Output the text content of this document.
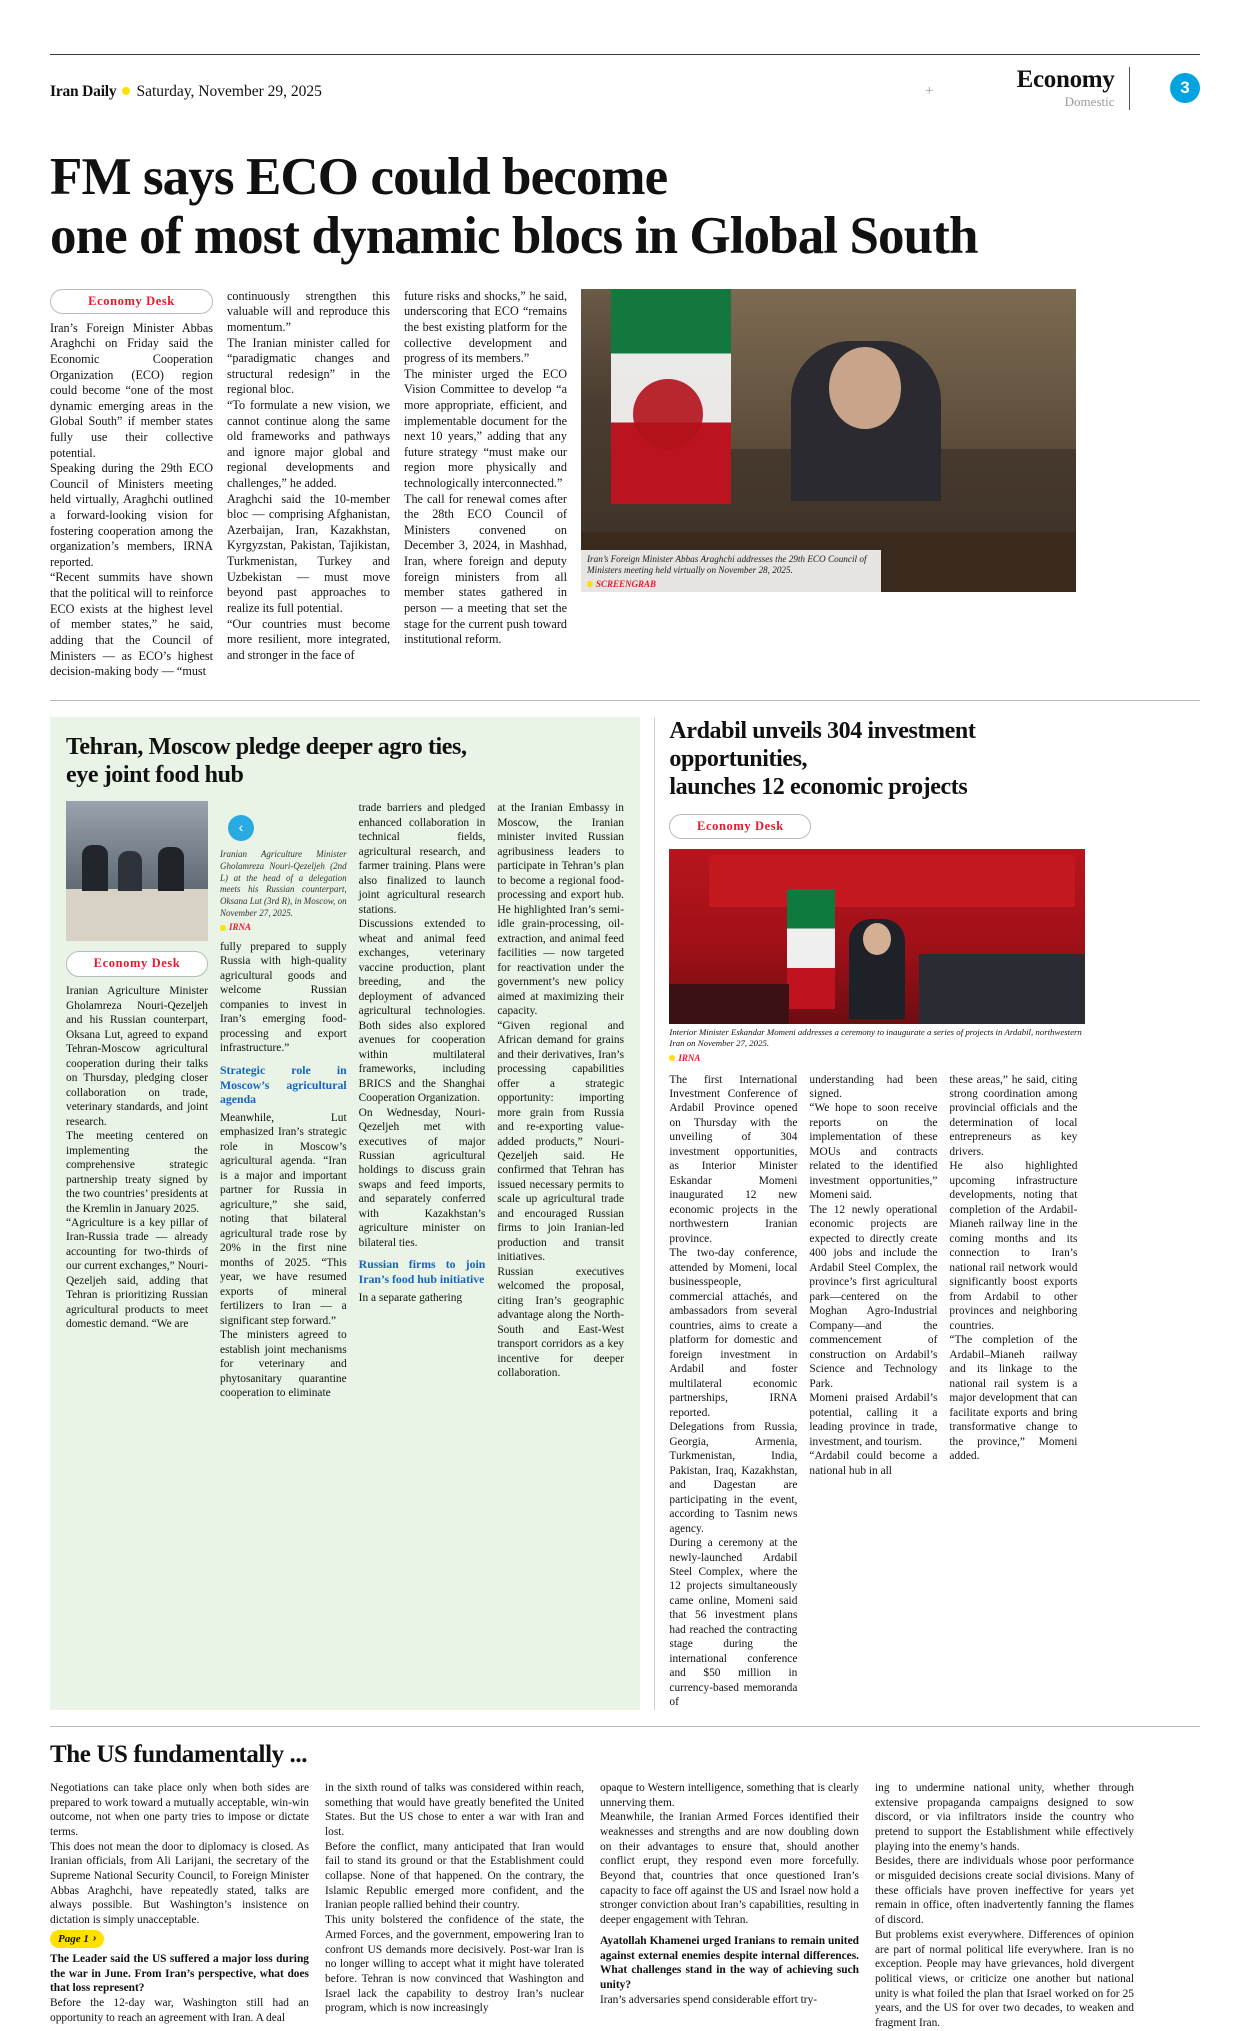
+
Iran Daily Saturday, November 29, 2025	Economy
Domestic
3
FM says ECO could become
one of most dynamic blocs in Global South
Economy Desk

Iran’s Foreign Minister Abbas Araghchi on Friday said the Economic Cooperation Organization (ECO) region could become “one of the most dynamic emerging areas in the Global South” if member states fully use their collective potential.

Speaking during the 29th ECO Council of Ministers meeting held virtually, Araghchi outlined a forward-looking vision for fostering cooperation among the organization’s members, IRNA reported.

“Recent summits have shown that the political will to reinforce ECO exists at the highest level of member states,” he said, adding that the Council of Ministers — as ECO’s highest decision-making body — “must

continuously strengthen this valuable will and reproduce this momentum.”

The Iranian minister called for “paradigmatic changes and structural redesign” in the regional bloc.

“To formulate a new vision, we cannot continue along the same old frameworks and pathways and ignore major global and regional developments and challenges,” he added.

Araghchi said the 10-member bloc — comprising Afghanistan, Azerbaijan, Iran, Kazakhstan, Kyrgyzstan, Pakistan, Tajikistan, Turkmenistan, Turkey and Uzbekistan — must move beyond past approaches to realize its full potential.

“Our countries must become more resilient, more integrated, and stronger in the face of

future risks and shocks,” he said, underscoring that ECO “remains the best existing platform for the collective development and progress of its members.”

The minister urged the ECO Vision Committee to develop “a more appropriate, efficient, and implementable document for the next 10 years,” adding that any future strategy “must make our region more physically and technologically interconnected.”

The call for renewal comes after the 28th ECO Council of Ministers convened on December 3, 2024, in Mashhad, Iran, where foreign and deputy foreign ministers from all member states gathered in person — a meeting that set the stage for the current push toward institutional reform.

Iran’s Foreign Minister Abbas Araghchi addresses the 29th ECO Council of Ministers meeting held virtually on November 28, 2025.
SCREENGRAB
Tehran, Moscow pledge deeper agro ties,
eye joint food hub
Economy Desk

Iranian Agriculture Minister Gholamreza Nouri-Qezeljeh and his Russian counterpart, Oksana Lut, agreed to expand Tehran-Moscow agricultural cooperation during their talks on Thursday, pledging closer collaboration on trade, veterinary standards, and joint research.

The meeting centered on implementing the comprehensive strategic partnership treaty signed by the two countries’ presidents at the Kremlin in January 2025.

“Agriculture is a key pillar of Iran-Russia trade — already accounting for two-thirds of our current exchanges,” Nouri-Qezeljeh said, adding that Tehran is prioritizing Russian agricultural products to meet domestic demand. “We are

‹
Iranian Agriculture Minister Gholamreza Nouri-Qezeljeh (2nd L) at the head of a delegation meets his Russian counterpart, Oksana Lut (3rd R), in Moscow, on November 27, 2025.
IRNA
fully prepared to supply Russia with high-quality agricultural goods and welcome Russian companies to invest in Iran’s emerging food-processing and export infrastructure.”
Strategic role in Moscow’s agricultural agenda

Meanwhile, Lut emphasized Iran’s strategic role in Moscow’s agricultural agenda. “Iran is a major and important partner for Russia in agriculture,” she said, noting that bilateral agricultural trade rose by 20% in the first nine months of 2025. “This year, we have resumed exports of mineral fertilizers to Iran — a significant step forward.”

The ministers agreed to establish joint mechanisms for veterinary and phytosanitary quarantine cooperation to eliminate

trade barriers and pledged enhanced collaboration in technical fields, agricultural research, and farmer training. Plans were also finalized to launch joint agricultural research stations.

Discussions extended to wheat and animal feed exchanges, veterinary vaccine production, plant breeding, and the deployment of advanced agricultural technologies. Both sides also explored avenues for cooperation within multilateral frameworks, including BRICS and the Shanghai Cooperation Organization.

On Wednesday, Nouri-Qezeljeh met with executives of major Russian agricultural holdings to discuss grain swaps and feed imports, and separately conferred with Kazakhstan’s agriculture minister on bilateral ties.

Russian firms to join Iran’s food hub initiative
In a separate gathering

at the Iranian Embassy in Moscow, the Iranian minister invited Russian agribusiness leaders to participate in Tehran’s plan to become a regional food-processing and export hub. He highlighted Iran’s semi-idle grain-processing, oil-extraction, and animal feed facilities — now targeted for reactivation under the government’s new policy aimed at maximizing their capacity.

“Given regional and African demand for grains and their derivatives, Iran’s processing capabilities offer a strategic opportunity: importing more grain from Russia and re-exporting value-added products,” Nouri-Qezeljeh said. He confirmed that Tehran has issued necessary permits to scale up agricultural trade and encouraged Russian firms to join Iranian-led production and transit initiatives.

Russian executives welcomed the proposal, citing Iran’s geographic advantage along the North-South and East-West transport corridors as a key incentive for deeper collaboration.

Ardabil unveils 304 investment opportunities,
launches 12 economic projects
Economy Desk
Interior Minister Eskandar Momeni addresses a ceremony to inaugurate a series of projects in Ardabil, northwestern Iran on November 27, 2025.
IRNA

The first International Investment Conference of Ardabil Province opened on Thursday with the unveiling of 304 investment opportunities, as Interior Minister Eskandar Momeni inaugurated 12 new economic projects in the northwestern Iranian province.

The two-day conference, attended by Momeni, local businesspeople, commercial attachés, and ambassadors from several countries, aims to create a platform for domestic and foreign investment in Ardabil and foster multilateral economic partnerships, IRNA reported.

Delegations from Russia, Georgia, Armenia, Turkmenistan, India, Pakistan, Iraq, Kazakhstan, and Dagestan are participating in the event, according to Tasnim news agency.

During a ceremony at the newly-launched Ardabil Steel Complex, where the 12 projects simultaneously came online, Momeni said that 56 investment plans had reached the contracting stage during the international conference and $50 million in currency-based memoranda of

understanding had been signed.

“We hope to soon receive reports on the implementation of these MOUs and contracts related to the identified investment opportunities,” Momeni said.

The 12 newly operational economic projects are expected to directly create 400 jobs and include the Ardabil Steel Complex, the province’s first agricultural park—centered on the Moghan Agro-Industrial Company—and the commencement of construction on Ardabil’s Science and Technology Park.

Momeni praised Ardabil’s potential, calling it a leading province in trade, investment, and tourism.

“Ardabil could become a national hub in all

these areas,” he said, citing strong coordination among provincial officials and the determination of local entrepreneurs as key drivers.

He also highlighted upcoming infrastructure developments, noting that completion of the Ardabil-Mianeh railway line in the coming months and its connection to Iran’s national rail network would significantly boost exports from Ardabil to other provinces and neighboring countries.

“The completion of the Ardabil–Mianeh railway and its linkage to the national rail system is a major development that can facilitate exports and bring transformative change to the province,” Momeni added.

The US fundamentally ...

Negotiations can take place only when both sides are prepared to work toward a mutually acceptable, win-win outcome, not when one party tries to impose or dictate terms.

This does not mean the door to diplomacy is closed. As Iranian officials, from Ali Larijani, the secretary of the Supreme National Security Council, to Foreign Minister Abbas Araghchi, have repeatedly stated, talks are always possible. But Washington’s insistence on dictation is simply unacceptable.

Page 1 ›
The Leader said the US suffered a major loss during the war in June. From Iran’s perspective, what does that loss represent?
Before the 12-day war, Washington still had an opportunity to reach an agreement with Iran. A deal

in the sixth round of talks was considered within reach, something that would have greatly benefited the United States. But the US chose to enter a war with Iran and lost.

Before the conflict, many anticipated that Iran would fail to stand its ground or that the Establishment could collapse. None of that happened. On the contrary, the Islamic Republic emerged more confident, and the Iranian people rallied behind their country.

This unity bolstered the confidence of the state, the Armed Forces, and the government, empowering Iran to confront US demands more decisively. Post-war Iran is no longer willing to accept what it might have tolerated before. Tehran is now convinced that Washington and Israel lack the capability to destroy Iran’s nuclear program, which is now increasingly

opaque to Western intelligence, something that is clearly unnerving them.

Meanwhile, the Iranian Armed Forces identified their weaknesses and strengths and are now doubling down on their advantages to ensure that, should another conflict erupt, they respond even more forcefully. Beyond that, countries that once questioned Iran’s capacity to face off against the US and Israel now hold a stronger conviction about Iran’s capabilities, resulting in deeper engagement with Tehran.

Ayatollah Khamenei urged Iranians to remain united against external enemies despite internal differences. What challenges stand in the way of achieving such unity?
Iran’s adversaries spend considerable effort try-

ing to undermine national unity, whether through extensive propaganda campaigns designed to sow discord, or via infiltrators inside the country who pretend to support the Establishment while effectively playing into the enemy’s hands.

Besides, there are individuals whose poor performance or misguided decisions create social divisions. Many of these officials have proven ineffective for years yet remain in office, often inadvertently fanning the flames of discord.

But problems exist everywhere. Differences of opinion are part of normal political life everywhere. Iran is no exception. People may have grievances, hold divergent political views, or criticize one another but national unity is what foiled the plan that Israel worked on for 25 years, and the US for over two decades, to weaken and fragment Iran.
